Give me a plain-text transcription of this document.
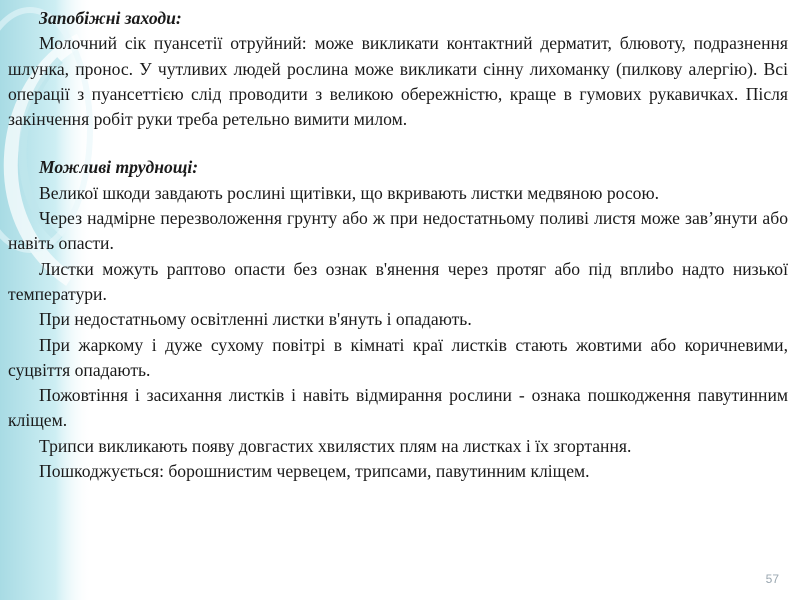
Запобіжні заходи:

Молочний сік пуансетії отруйний: може викликати контактний дерматит, блювоту, подразнення шлунка, пронос. У чутливих людей рослина може викликати сінну лихоманку (пилкову алергію). Всі операції з пуансеттією слід проводити з великою обережністю, краще в гумових рукавичках. Після закінчення робіт руки треба ретельно вимити милом.

Можливі труднощі:

Великої шкоди завдають рослині щитівки, що вкривають листки медвяною росою.

Через надмірне перезволоження грунту або ж при недостатньому поливі листя може зав’янути або навіть опасти.

Листки можуть раптово опасти без ознак в'янення через протяг або під вплиbо надто низької температури.

При недостатньому освітленні листки в'януть і опадають.

При жаркому і дуже сухому повітрі в кімнаті краї листків стають жовтими або коричневими, суцвіття опадають.

Пожовтіння і засихання листків і навіть відмирання рослини - ознака пошкодження павутинним кліщем.

Трипси викликають появу довгастих хвилястих плям на листках і їх згортання.

Пошкоджується: борошнистим червецем, трипсами, павутинним кліщем.

57
